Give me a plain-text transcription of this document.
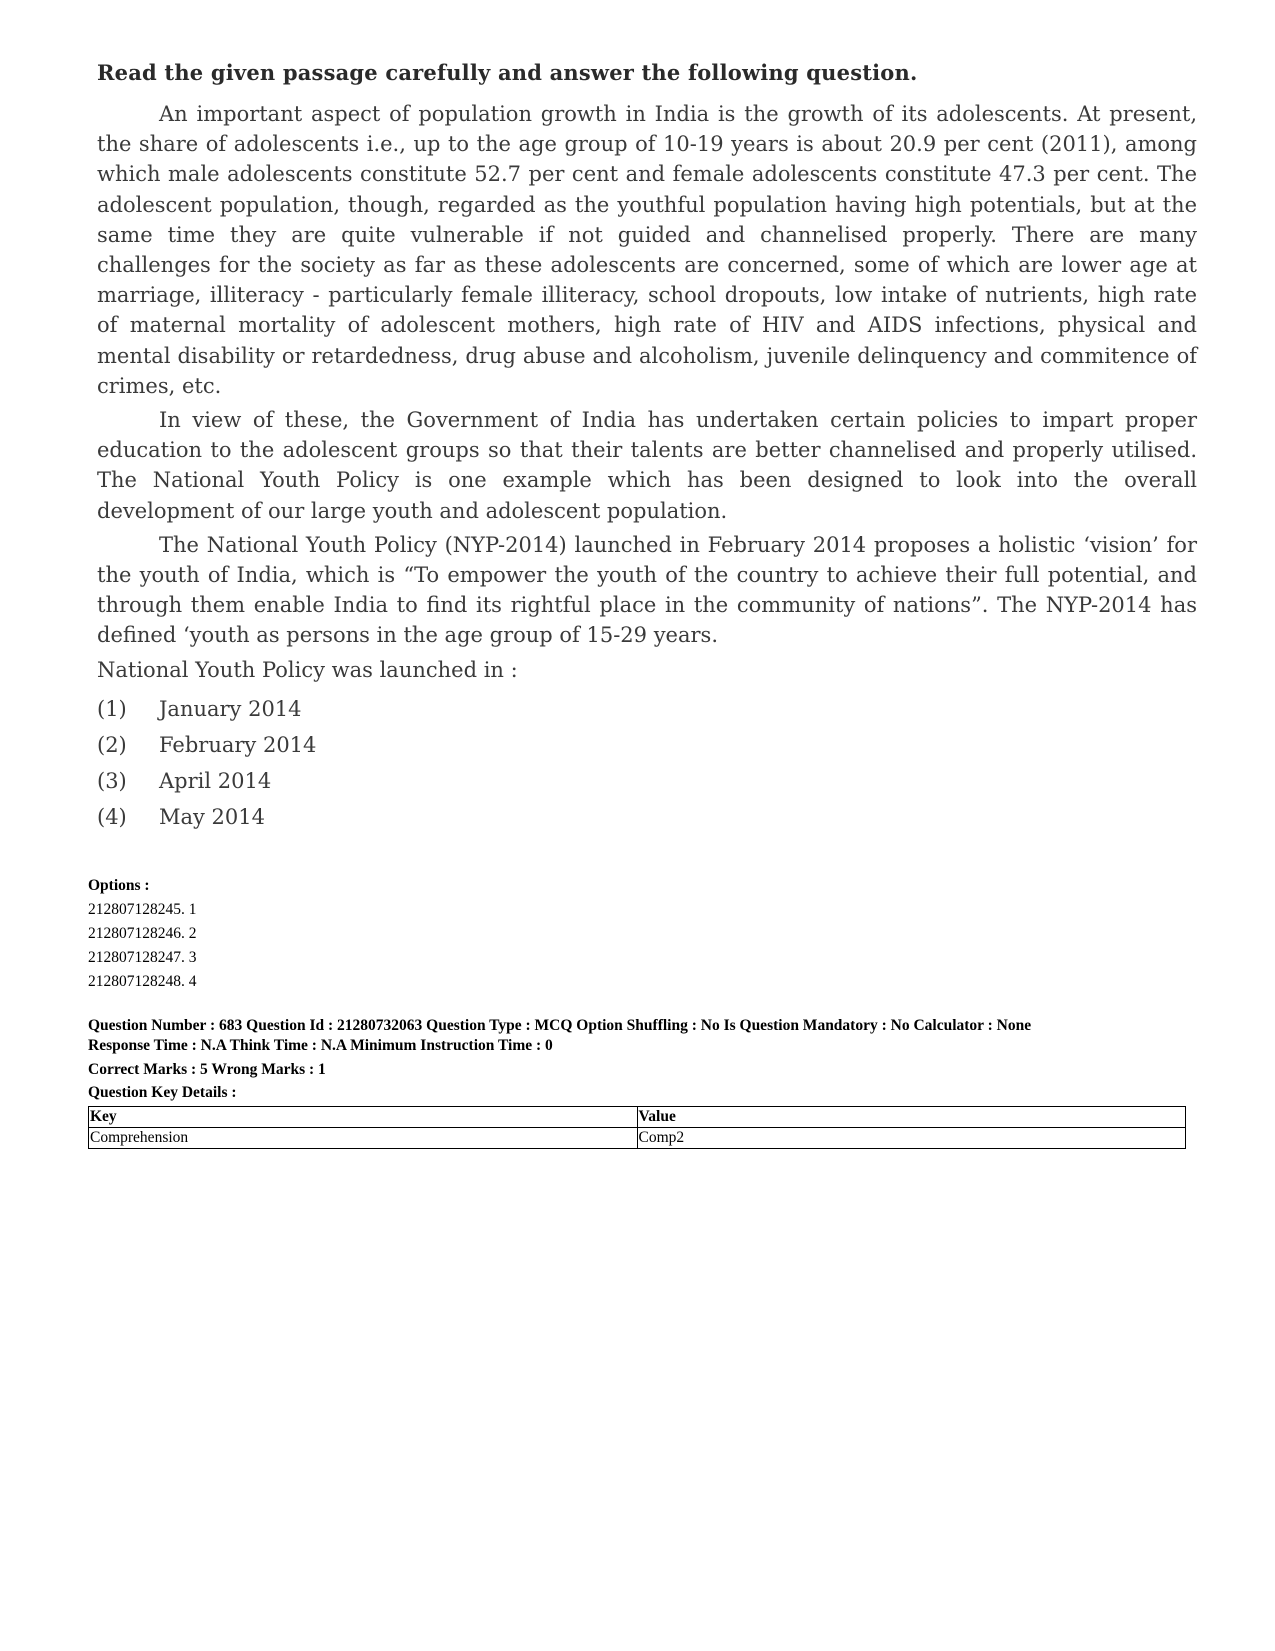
Read the given passage carefully and answer the following question.

An important aspect of population growth in India is the growth of its adolescents. At present, the share of adolescents i.e., up to the age group of 10-19 years is about 20.9 per cent (2011), among which male adolescents constitute 52.7 per cent and female adolescents constitute 47.3 per cent. The adolescent population, though, regarded as the youthful population having high potentials, but at the same time they are quite vulnerable if not guided and channelised properly. There are many challenges for the society as far as these adolescents are concerned, some of which are lower age at marriage, illiteracy - particularly female illiteracy, school dropouts, low intake of nutrients, high rate of maternal mortality of adolescent mothers, high rate of HIV and AIDS infections, physical and mental disability or retardedness, drug abuse and alcoholism, juvenile delinquency and commitence of crimes, etc.

In view of these, the Government of India has undertaken certain policies to impart proper education to the adolescent groups so that their talents are better channelised and properly utilised. The National Youth Policy is one example which has been designed to look into the overall development of our large youth and adolescent population.

The National Youth Policy (NYP-2014) launched in February 2014 proposes a holistic ‘vision’ for the youth of India, which is “To empower the youth of the country to achieve their full potential, and through them enable India to find its rightful place in the community of nations”. The NYP-2014 has defined ‘youth as persons in the age group of 15-29 years.

National Youth Policy was launched in :
(1)	January 2014
(2)	February 2014
(3)	April 2014
(4)	May 2014
Options :
212807128245. 1
212807128246. 2
212807128247. 3
212807128248. 4
Question Number : 683 Question Id : 21280732063 Question Type : MCQ Option Shuffling : No Is Question Mandatory : No Calculator : None
Response Time : N.A Think Time : N.A Minimum Instruction Time : 0
Correct Marks : 5 Wrong Marks : 1
Question Key Details :
Key	Value
Comprehension	Comp2
